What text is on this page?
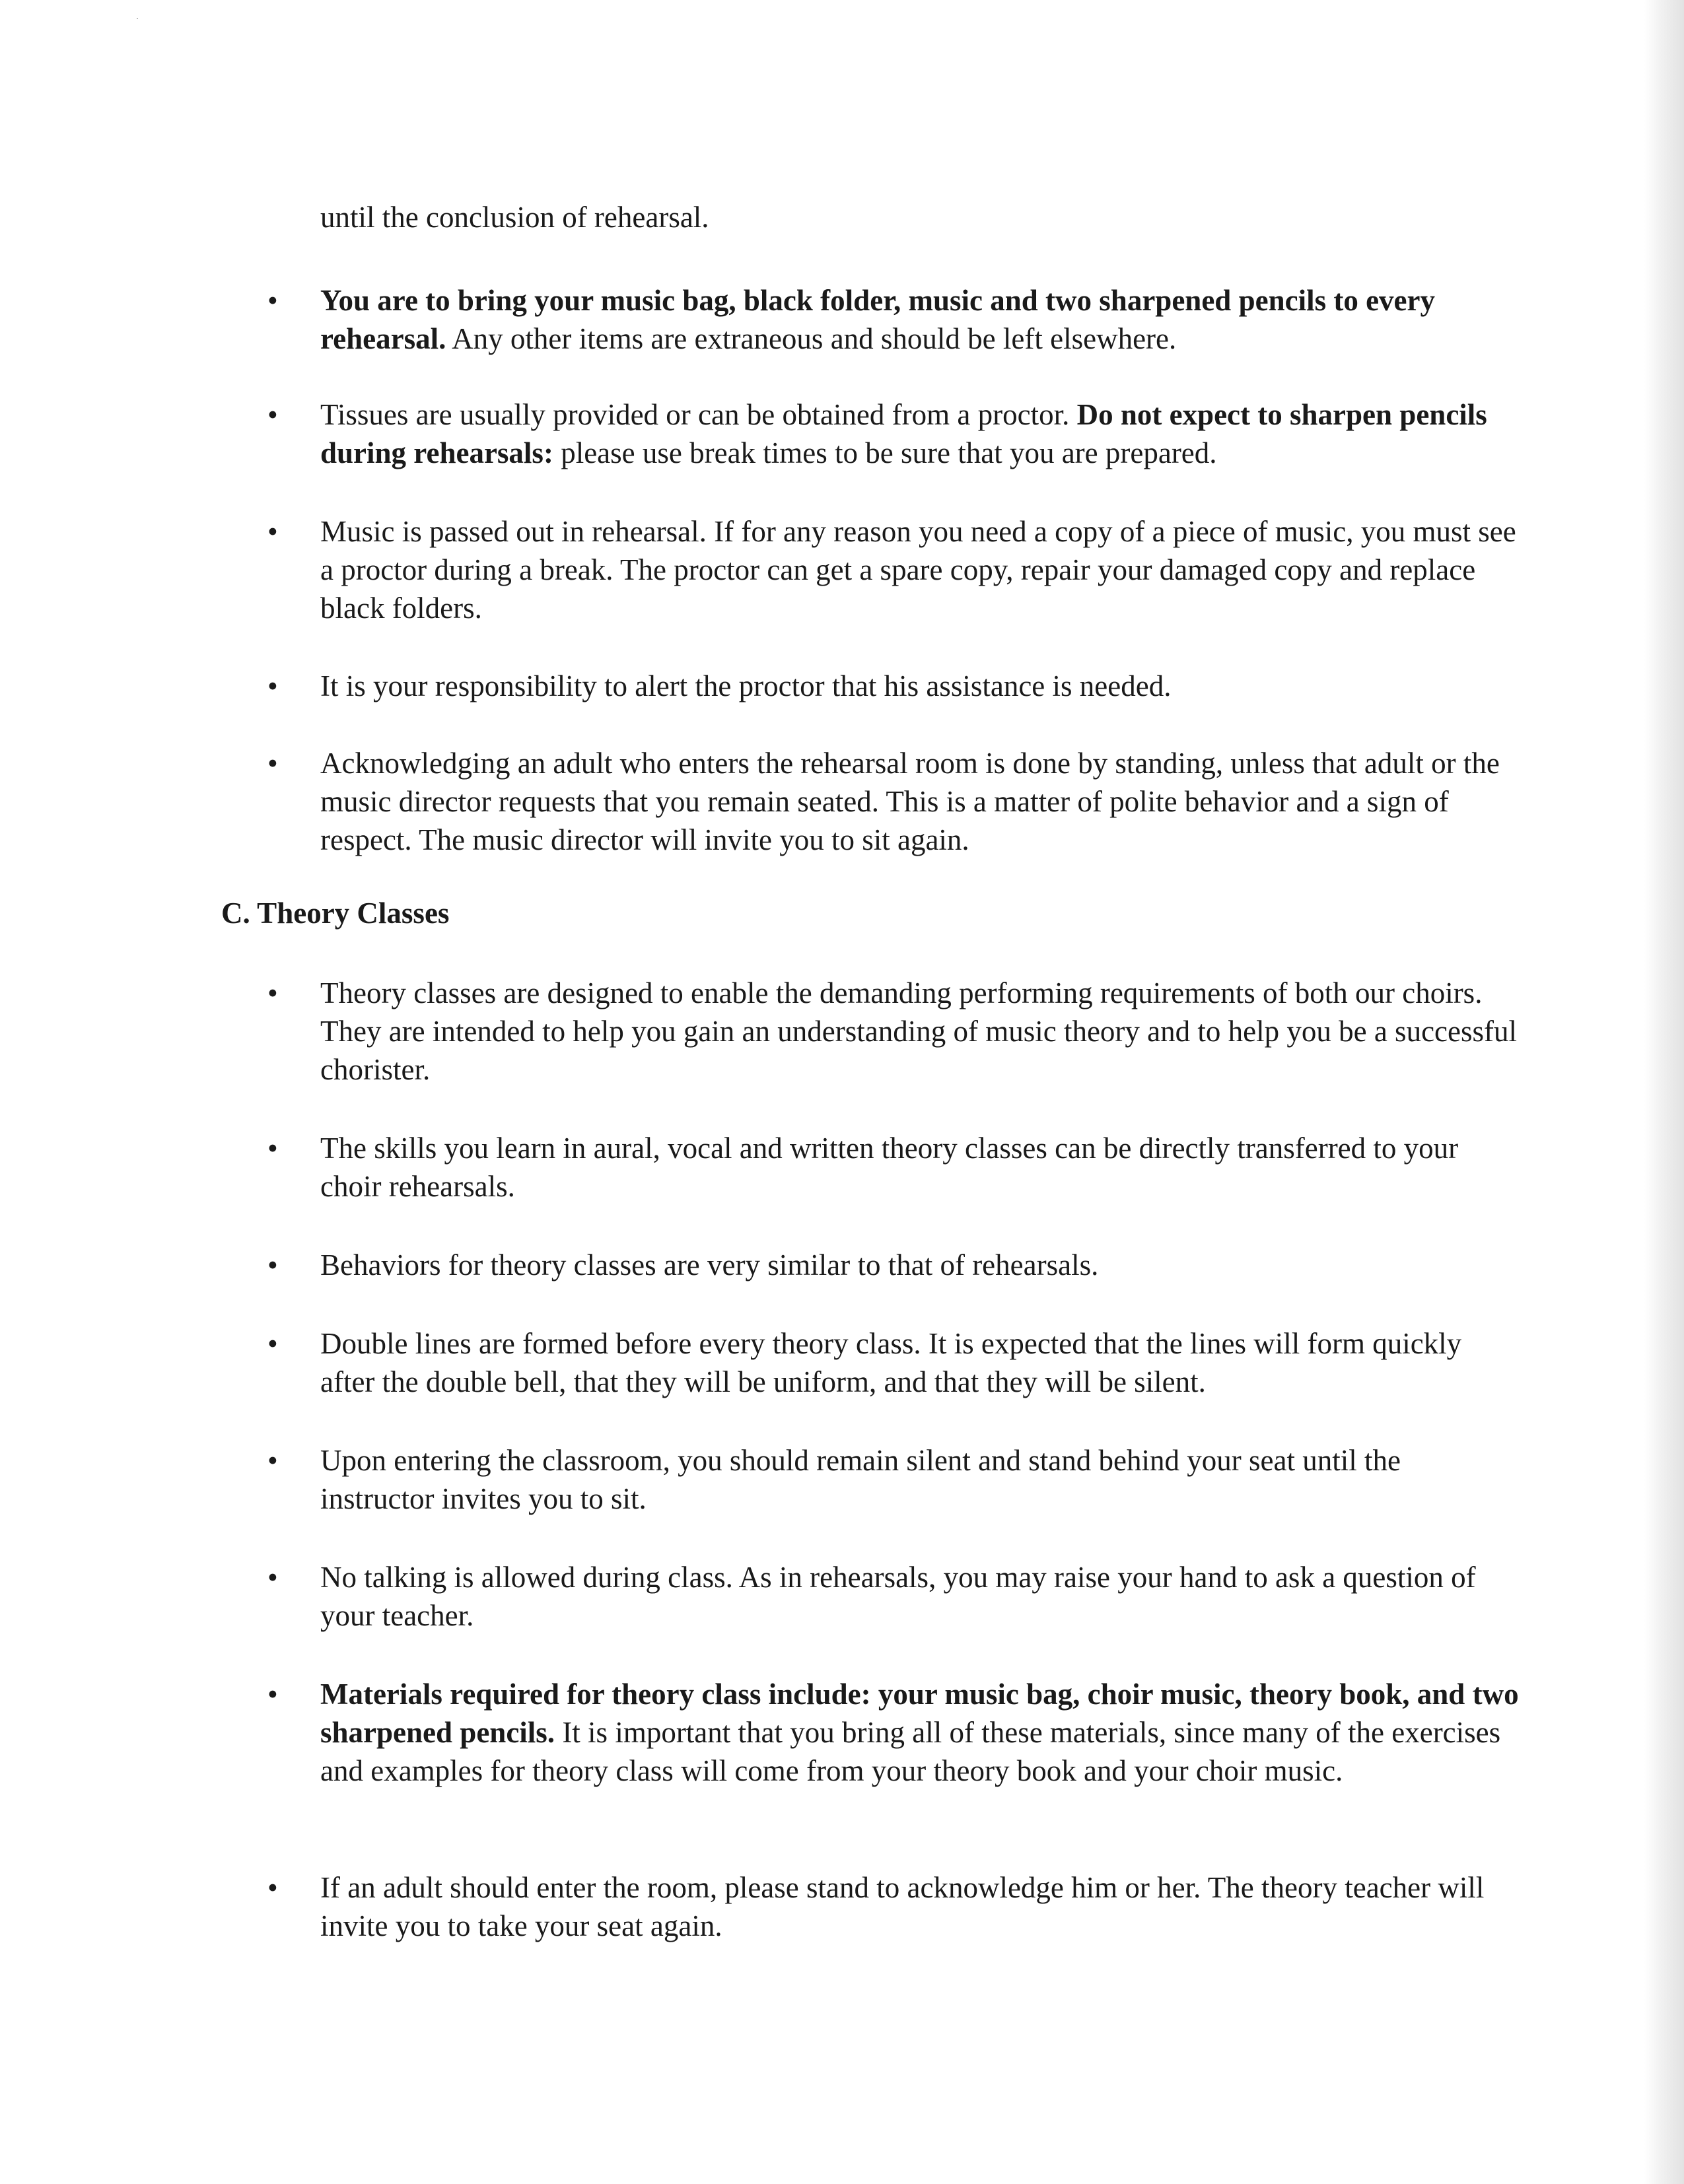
until the conclusion of rehearsal.

•	You are to bring your music bag, black folder, music and two sharpened pencils to every rehearsal. Any other items are extraneous and should be left elsewhere.

•	Tissues are usually provided or can be obtained from a proctor. Do not expect to sharpen pencils during rehearsals: please use break times to be sure that you are prepared.

•	Music is passed out in rehearsal. If for any reason you need a copy of a piece of music, you must see a proctor during a break. The proctor can get a spare copy, repair your damaged copy and replace black folders.

•	It is your responsibility to alert the proctor that his assistance is needed.

•	Acknowledging an adult who enters the rehearsal room is done by standing, unless that adult or the music director requests that you remain seated. This is a matter of polite behavior and a sign of respect. The music director will invite you to sit again.

C. Theory Classes
•	Theory classes are designed to enable the demanding performing requirements of both our choirs. They are intended to help you gain an understanding of music theory and to help you be a successful chorister.

•	The skills you learn in aural, vocal and written theory classes can be directly transferred to your choir rehearsals.

•	Behaviors for theory classes are very similar to that of rehearsals.

•	Double lines are formed before every theory class. It is expected that the lines will form quickly after the double bell, that they will be uniform, and that they will be silent.

•	Upon entering the classroom, you should remain silent and stand behind your seat until the instructor invites you to sit.

•	No talking is allowed during class. As in rehearsals, you may raise your hand to ask a question of your teacher.

•	Materials required for theory class include: your music bag, choir music, theory book, and two sharpened pencils. It is important that you bring all of these materials, since many of the exercises and examples for theory class will come from your theory book and your choir music.

•	If an adult should enter the room, please stand to acknowledge him or her. The theory teacher will invite you to take your seat again.
